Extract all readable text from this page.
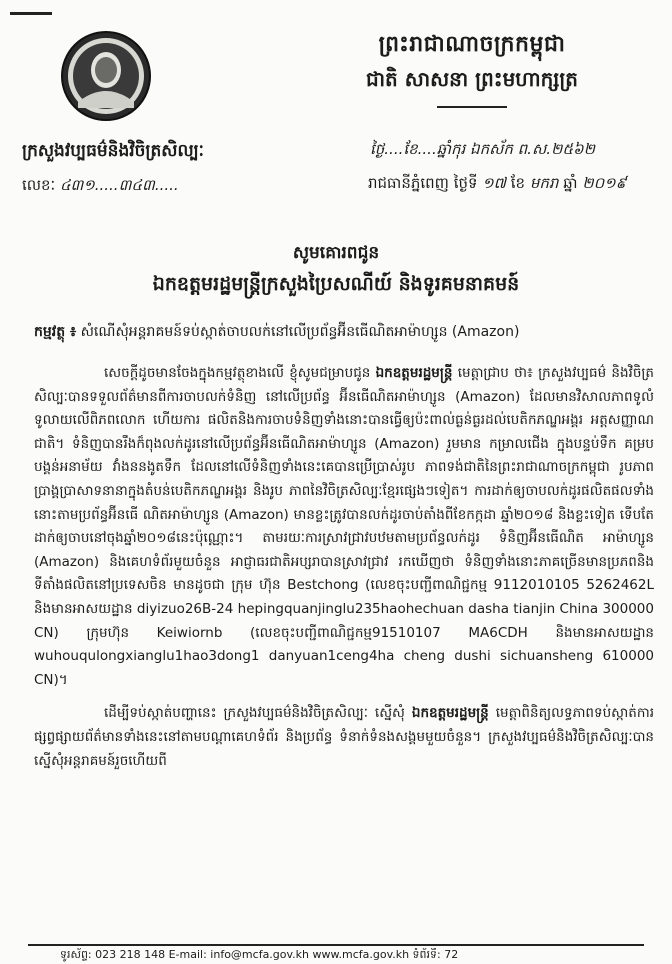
ព្រះរាជាណាចក្រកម្ពុជា
ជាតិ សាសនា ព្រះមហាក្សត្រ
ក្រសួងវប្បធម៌និងវិចិត្រសិល្បៈ
លេខៈ ៤៣១.....៣៤៣.....
ថ្ងៃ....ខែ....ឆ្នាំកុរ ឯកស័ក ព.ស.២៥៦២
រាជធានីភ្នំពេញ ថ្ងៃទី ១៧ ខែ មករា ឆ្នាំ ២០១៩
សូមគោរពជូន
ឯកឧត្តមរដ្ឋមន្ត្រីក្រសួងប្រៃសណីយ៍ និងទូរគមនាគមន៍
កម្មវត្ថុ ៖ សំណើសុំអន្តរាគមន៍ទប់ស្កាត់ចាបលក់នៅលើប្រព័ន្ធអ៊ីនធើណិតអាម៉ាហ្សូន (Amazon)

សេចក្តីដូចមានចែងក្នុងកម្មវត្ថុខាងលើ ខ្ញុំសូមជម្រាបជូន ឯកឧត្តមរដ្ឋមន្ត្រី មេត្តាជ្រាប ថា៖ ក្រសួងវប្បធម៌ និងវិចិត្រសិល្បៈបានទទួលព័ត៌មានពីការចាបលក់ទំនិញ នៅលើប្រព័ន្ធ អ៊ីនធើណិតអាម៉ាហ្សូន (Amazon) ដែលមានវិសាលភាពទូលំទូលាយលើពិភពលោក ហើយការ ផលិតនិងការចាបទំនិញទាំងនោះបានធ្វើឲ្យប៉ះពាល់ធ្ងន់ធ្ងរដល់បេតិកភណ្ឌអង្គរ អត្តសញ្ញាណ ជាតិ។ ទំនិញបានរឹងក៏ពុងលក់ដូរនៅលើប្រព័ន្ធអ៊ីនធើណិតអាម៉ាហ្សូន (Amazon) រួមមាន កម្រាលជើង ក្នុងបន្ទប់ទឹក គម្របបង្គន់អនាម័យ វាំងននងូតទឹក ដែលនៅលើទំនិញទាំងនេះគេបានប្រើប្រាស់រូប ភាពទង់ជាតិនៃព្រះរាជាណាចក្រកម្ពុជា រូបភាពប្រាង្គប្រាសាទនានាក្នុងតំបន់បេតិកភណ្ឌអង្គរ និងរូប ភាពនៃវិចិត្រសិល្បៈខ្មែរផ្សេងៗទៀត។ ការដាក់ឲ្យចាបលក់ដូរផលិតផលទាំងនោះតាមប្រព័ន្ធអ៊ីនធើ ណិតអាម៉ាហ្សូន (Amazon) មានខ្លះត្រូវបានលក់ដូរចាប់តាំងពីខែកក្កដា ឆ្នាំ២០១៨ និងខ្លះទៀត ទើបតែដាក់ឲ្យចាបនៅចុងឆ្នាំ២០១៨នេះប៉ុណ្ណោះ។ តាមរយៈការស្រាវជ្រាវបឋមតាមប្រព័ន្ធលក់ដូរ ទំនិញអ៊ីនធើណិត អាម៉ាហ្សូន (Amazon) និងគេហទំព័រមួយចំនួន អាជ្ញាធរជាតិអប្សរាបានស្រាវជ្រាវ រកឃើញថា ទំនិញទាំងនោះភាគច្រើនមានប្រភពនិងទីតាំងផលិតនៅប្រទេសចិន មានដូចជា ក្រុម ហ៊ុន Bestchong (លេខចុះបញ្ជីពាណិជ្ជកម្ម 9112010105 5262462L និងមានអាសយដ្ឋាន diyizuo26B-24 hepingquanjinglu235haohechuan dasha tianjin China 300000 CN) ក្រុមហ៊ុន Keiwiornb (លេខចុះបញ្ជីពាណិជ្ជកម្ម91510107 MA6CDH និងមានអាសយដ្ឋាន wuhouqulongxianglu1hao3dong1 danyuan1ceng4ha cheng dushi sichuansheng 610000 CN)។

ដើម្បីទប់ស្កាត់បញ្ហានេះ ក្រសួងវប្បធម៌និងវិចិត្រសិល្បៈ ស្នើសុំ ឯកឧត្តមរដ្ឋមន្ត្រី មេត្តាពិនិត្យលទ្ធភាពទប់ស្កាត់ការផ្សព្វផ្សាយព័ត៌មានទាំងនេះនៅតាមបណ្តាគេហទំព័រ និងប្រព័ន្ធ ទំនាក់ទំនងសង្គមមួយចំនួន។ ក្រសួងវប្បធម៌និងវិចិត្រសិល្បៈបានស្នើសុំអន្តរាគមន៍រួចហើយពី

ទូរស័ព្ទ: 023 218 148 E-mail: info@mcfa.gov.kh www.mcfa.gov.kh ទំព័រទី: 72
